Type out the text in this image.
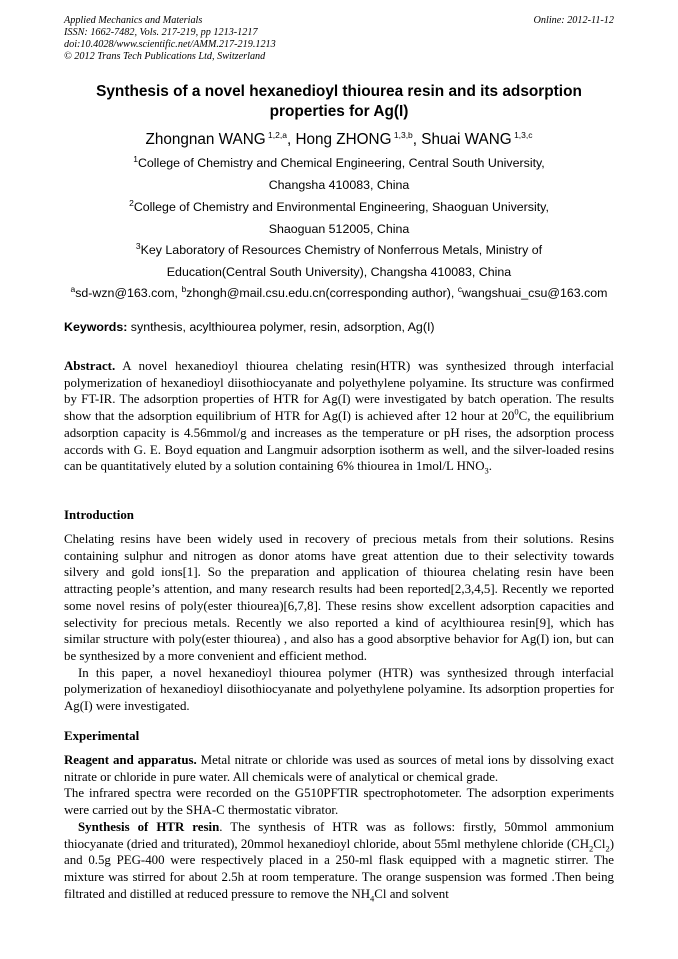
Applied Mechanics and Materials
ISSN: 1662-7482, Vols. 217-219, pp 1213-1217
doi:10.4028/www.scientific.net/AMM.217-219.1213
© 2012 Trans Tech Publications Ltd, Switzerland
Online: 2012-11-12
Synthesis of a novel hexanedioyl thiourea resin and its adsorption
properties for Ag(I)
Zhongnan WANG $^{1,2,a}$, Hong ZHONG $^{1,3,b}$, Shuai WANG $^{1,3,c}$
$^1$College of Chemistry and Chemical Engineering, Central South University,
Changsha 410083, China
$^2$College of Chemistry and Environmental Engineering, Shaoguan University,
Shaoguan 512005, China
$^3$Key Laboratory of Resources Chemistry of Nonferrous Metals, Ministry of
Education(Central South University), Changsha 410083, China
$^a$sd-wzn@163.com, $^b$zhongh@mail.csu.edu.cn(corresponding author), $^c$wangshuai_csu@163.com
Keywords: synthesis, acylthiourea polymer, resin, adsorption, Ag(I)
Abstract. A novel hexanedioyl thiourea chelating resin(HTR) was synthesized through interfacial polymerization of hexanedioyl diisothiocyanate and polyethylene polyamine. Its structure was confirmed by FT-IR. The adsorption properties of HTR for Ag(I) were investigated by batch operation. The results show that the adsorption equilibrium of HTR for Ag(I) is achieved after 12 hour at $20^0C$, the equilibrium adsorption capacity is 4.56mmol/g and increases as the temperature or pH rises, the adsorption process accords with G. E. Boyd equation and Langmuir adsorption isotherm as well, and the silver-loaded resins can be quantitatively eluted by a solution containing 6% thiourea in 1mol/L $HNO_3$.
Introduction

Chelating resins have been widely used in recovery of precious metals from their solutions. Resins containing sulphur and nitrogen as donor atoms have great attention due to their selectivity towards silvery and gold ions[1]. So the preparation and application of thiourea chelating resin have been attracting people’s attention, and many research results had been reported[2,3,4,5]. Recently we reported some novel resins of poly(ester thiourea)[6,7,8]. These resins show excellent adsorption capacities and selectivity for precious metals. Recently we also reported a kind of acylthiourea resin[9], which has similar structure with poly(ester thiourea) , and also has a good absorptive behavior for Ag(I) ion, but can be synthesized by a more convenient and efficient method.

In this paper, a novel hexanedioyl thiourea polymer (HTR) was synthesized through interfacial polymerization of hexanedioyl diisothiocyanate and polyethylene polyamine. Its adsorption properties for Ag(I) were investigated.

Experimental

Reagent and apparatus. Metal nitrate or chloride was used as sources of metal ions by dissolving exact nitrate or chloride in pure water. All chemicals were of analytical or chemical grade.

The infrared spectra were recorded on the G510PFTIR spectrophotometer. The adsorption experiments were carried out by the SHA-C thermostatic vibrator.

Synthesis of HTR resin. The synthesis of HTR was as follows: firstly, 50mmol ammonium thiocyanate (dried and triturated), 20mmol hexanedioyl chloride, about 55ml methylene chloride $(CH_2Cl_2)$ and 0.5g PEG-400 were respectively placed in a 250-ml flask equipped with a magnetic stirrer. The mixture was stirred for about 2.5h at room temperature. The orange suspension was formed .Then being filtrated and distilled at reduced pressure to remove the $NH_4Cl$ and solvent
